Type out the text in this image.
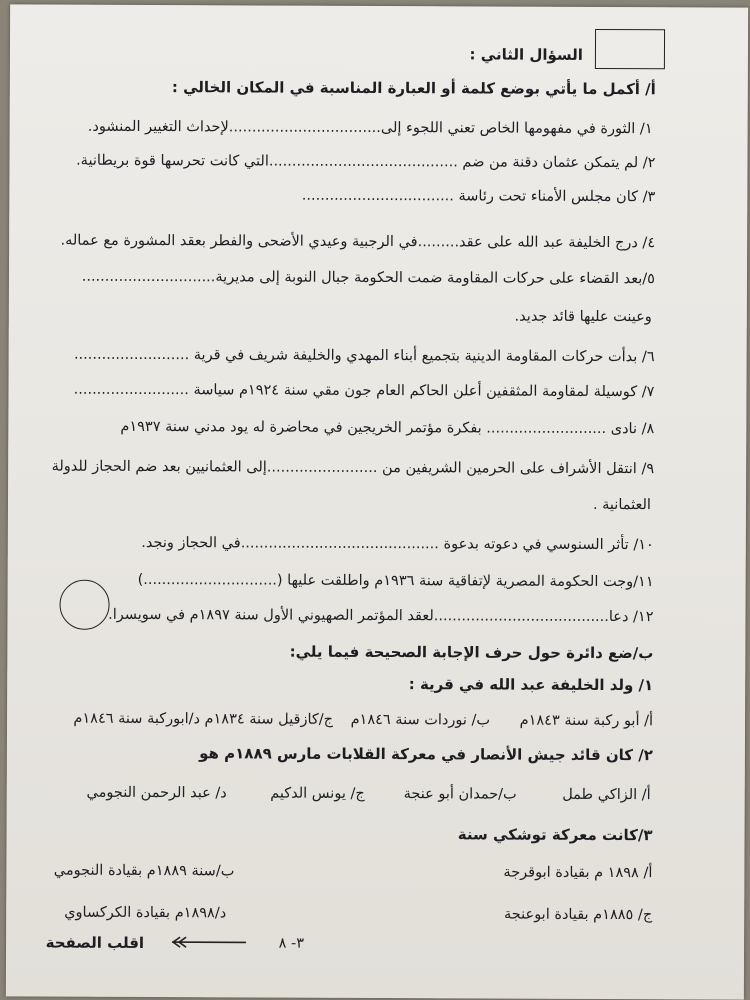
السؤال الثاني :
أ/ أكمل ما يأتي بوضع كلمة أو العبارة المناسبة في المكان الخالي :
١/ الثورة في مفهومها الخاص تعني اللجوء إلى.................................لإحداث التغيير المنشود.
٢/ لم يتمكن عثمان دقنة من ضم .........................................التي كانت تحرسها قوة بريطانية.
٣/ كان مجلس الأمناء تحت رئاسة .................................
٤/ درج الخليفة عبد الله على عقد.........في الرجبية وعيدي الأضحى والفطر بعقد المشورة مع عماله.
٥/بعد القضاء على حركات المقاومة ضمت الحكومة جبال النوبة إلى مديرية.............................
وعينت عليها قائد جديد.
٦/ بدأت حركات المقاومة الدينية بتجميع أبناء المهدي والخليفة شريف في قرية .........................
٧/ كوسيلة لمقاومة المثقفين أعلن الحاكم العام جون مقي سنة ١٩٢٤م سياسة .........................
٨/ نادى .......................... بفكرة مؤتمر الخريجين في محاضرة له يود مدني سنة ١٩٣٧م
٩/ انتقل الأشراف على الحرمين الشريفين من ........................إلى العثمانيين بعد ضم الحجاز للدولة
العثمانية .
١٠/ تأثر السنوسي في دعوته بدعوة ...........................................في الحجاز ونجد.
١١/وجت الحكومة المصرية لإتفاقية سنة ١٩٣٦م واطلقت عليها (.............................)
١٢/ دعا......................................لعقد المؤتمر الصهيوني الأول سنة ١٨٩٧م في سويسرا.
ب/ضع دائرة حول حرف الإجابة الصحيحة فيما يلي:
١/ ولد الخليفة عبد الله في قرية :
أ/ أبو ركبة سنة ١٨٤٣م
ب/ نوردات سنة ١٨٤٦م
ج/كازقيل سنة ١٨٣٤م
د/ابوركبة سنة ١٨٤٦م
٢/ كان قائد جيش الأنصار في معركة القلابات مارس ١٨٨٩م هو
أ/ الزاكي طمل
ب/حمدان أبو عنجة
ج/ يونس الدكيم
د/ عبد الرحمن النجومي
٣/كانت معركة توشكي سنة
أ/ ١٨٩٨ م بقيادة ابوقرجة
ب/سنة ١٨٨٩م بقيادة النجومي
ج/ ١٨٨٥م بقيادة ابوعنجة
د/١٨٩٨م بقيادة الكركساوي
٣- ٨
اقلب الصفحة
